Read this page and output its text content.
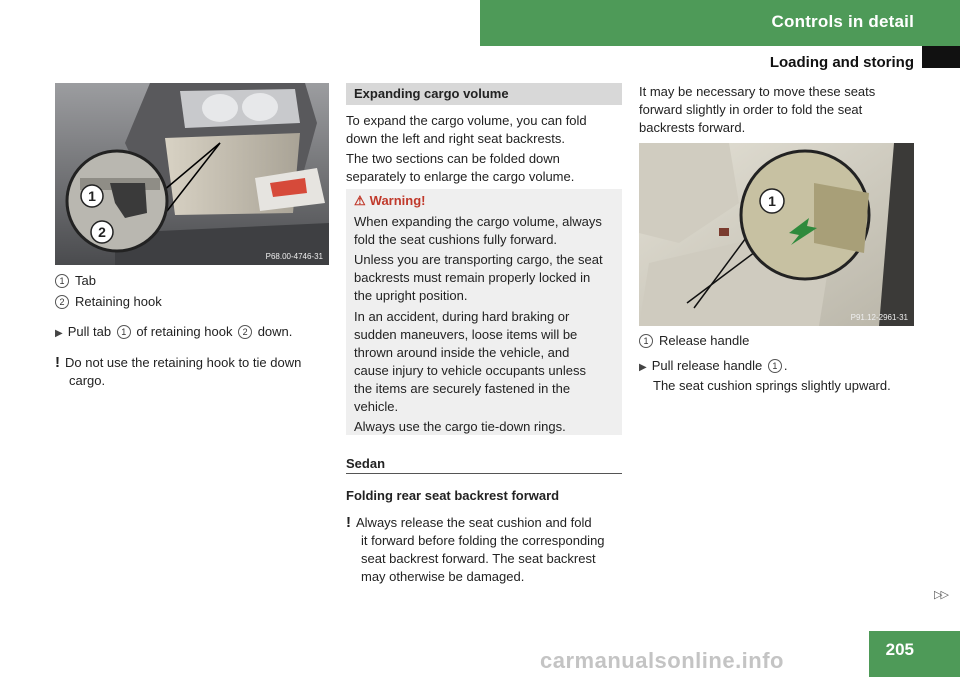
Controls in detail
Loading and storing
1
2
P68.00-4746-31
1 Tab
2 Retaining hook
▶ Pull tab 1 of retaining hook 2 down.
! Do not use the retaining hook to tie down
cargo.
Expanding cargo volume
To expand the cargo volume, you can fold
down the left and right seat backrests.
The two sections can be folded down
separately to enlarge the cargo volume.
⚠ Warning!
When expanding the cargo volume, always
fold the seat cushions fully forward.
Unless you are transporting cargo, the seat
backrests must remain properly locked in
the upright position.
In an accident, during hard braking or
sudden maneuvers, loose items will be
thrown around inside the vehicle, and
cause injury to vehicle occupants unless
the items are securely fastened in the
vehicle.
Always use the cargo tie-down rings.
Sedan
Folding rear seat backrest forward
! Always release the seat cushion and fold
it forward before folding the corresponding
seat backrest forward. The seat backrest
may otherwise be damaged.
It may be necessary to move these seats
forward slightly in order to fold the seat
backrests forward.
1
P91.12-2961-31
1 Release handle
▶ Pull release handle 1 .
The seat cushion springs slightly upward.
▷▷
205
carmanualsonline.info
